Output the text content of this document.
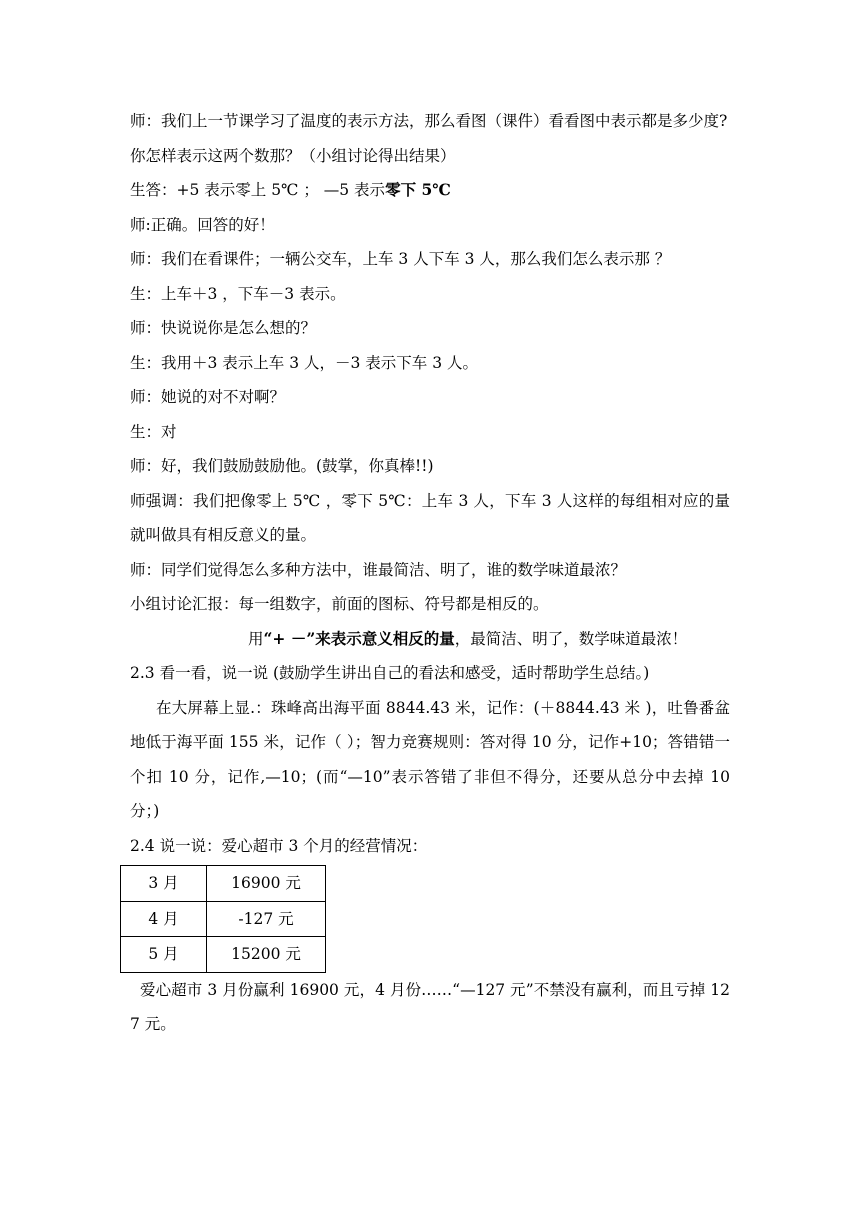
师：我们上一节课学习了温度的表示方法，那么看图（课件）看看图中表示都是多少度?

你怎样表示这两个数那？（小组讨论得出结果）

生答：+5 表示零上 5℃ ； —5 表示零下 5℃

师:正确。回答的好！

师：我们在看课件；一辆公交车，上车 3 人下车 3 人，那么我们怎么表示那 ？

生：上车＋3 ，下车－3 表示。

师：快说说你是怎么想的？

生：我用＋3 表示上车 3 人，－3 表示下车 3 人。

师：她说的对不对啊？

生：对

师：好，我们鼓励鼓励他。(鼓掌，你真棒!!)

师强调：我们把像零上 5℃ ，零下 5℃：上车 3 人，下车 3 人这样的每组相对应的量就叫做具有相反意义的量。

师：同学们觉得怎么多种方法中，谁最简洁、明了，谁的数学味道最浓？

小组讨论汇报：每一组数字，前面的图标、符号都是相反的。

用“+ －”来表示意义相反的量，最简洁、明了，数学味道最浓！

2.3 看一看，说一说 (鼓励学生讲出自己的看法和感受，适时帮助学生总结。)

在大屏幕上显.：珠峰高出海平面 8844.43 米，记作：(＋8844.43 米 )，吐鲁番盆地低于海平面 155 米，记作（ ）；智力竞赛规则：答对得 10 分，记作+10；答错错一个扣 10 分，记作,—10；(而“—10”表示答错了非但不得分，还要从总分中去掉 10 分；)

2.4 说一说：爱心超市 3 个月的经营情况：

3 月	16900 元
4 月	-127 元
5 月	15200 元

爱心超市 3 月份赢利 16900 元，4 月份……“—127 元”不禁没有赢利，而且亏掉 127 元。
